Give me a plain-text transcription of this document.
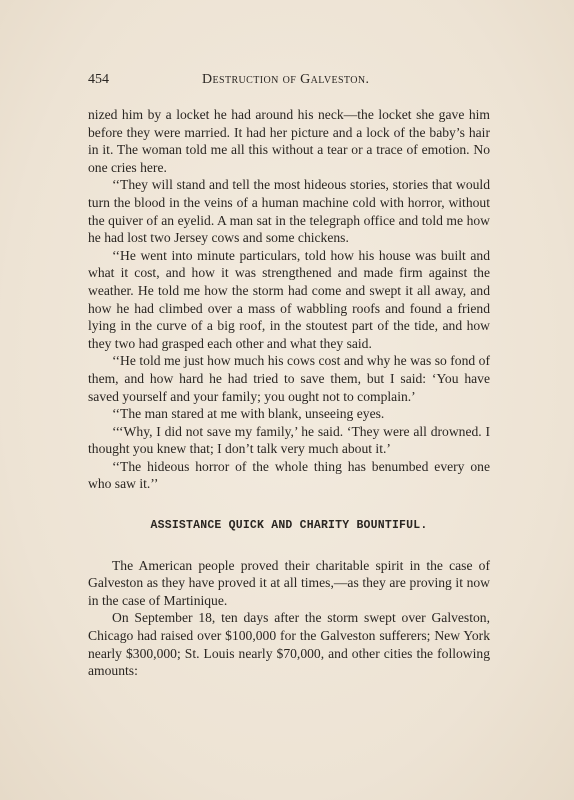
454	Destruction of Galveston.

nized him by a locket he had around his neck—the locket she gave him before they were married. It had her picture and a lock of the baby’s hair in it. The woman told me all this without a tear or a trace of emotion. No one cries here.

‘‘They will stand and tell the most hideous stories, stories that would turn the blood in the veins of a human machine cold with horror, without the quiver of an eyelid. A man sat in the telegraph office and told me how he had lost two Jersey cows and some chickens.

‘‘He went into minute particulars, told how his house was built and what it cost, and how it was strengthened and made firm against the weather. He told me how the storm had come and swept it all away, and how he had climbed over a mass of wabbling roofs and found a friend lying in the curve of a big roof, in the stoutest part of the tide, and how they two had grasped each other and what they said.

‘‘He told me just how much his cows cost and why he was so fond of them, and how hard he had tried to save them, but I said: ‘You have saved yourself and your family; you ought not to complain.’

‘‘The man stared at me with blank, unseeing eyes.

‘‘‘Why, I did not save my family,’ he said. ‘They were all drowned. I thought you knew that; I don’t talk very much about it.’

‘‘The hideous horror of the whole thing has benumbed every one who saw it.’’

ASSISTANCE QUICK AND CHARITY BOUNTIFUL.

The American people proved their charitable spirit in the case of Galveston as they have proved it at all times,—as they are proving it now in the case of Martinique.

On September 18, ten days after the storm swept over Galveston, Chicago had raised over $100,000 for the Galveston sufferers; New York nearly $300,000; St. Louis nearly $70,000, and other cities the following amounts:
